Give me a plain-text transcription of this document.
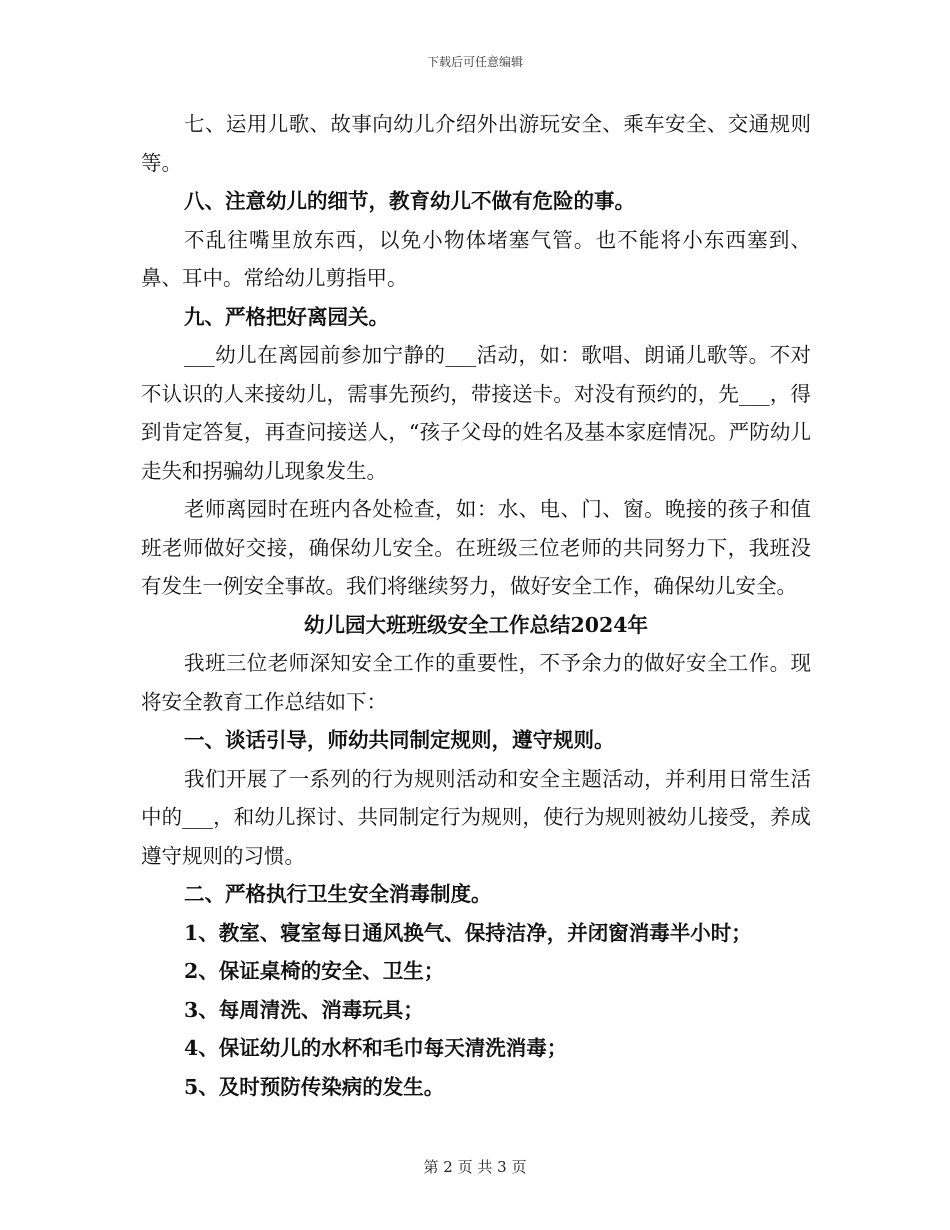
下载后可任意编辑

七、运用儿歌、故事向幼儿介绍外出游玩安全、乘车安全、交通规则等。

八、注意幼儿的细节，教育幼儿不做有危险的事。

不乱往嘴里放东西，以免小物体堵塞气管。也不能将小东西塞到、鼻、耳中。常给幼儿剪指甲。

九、严格把好离园关。

___幼儿在离园前参加宁静的___活动，如：歌唱、朗诵儿歌等。不对不认识的人来接幼儿，需事先预约，带接送卡。对没有预约的，先___，得到肯定答复，再查问接送人，“孩子父母的姓名及基本家庭情况。严防幼儿走失和拐骗幼儿现象发生。

老师离园时在班内各处检查，如：水、电、门、窗。晚接的孩子和值班老师做好交接，确保幼儿安全。在班级三位老师的共同努力下，我班没有发生一例安全事故。我们将继续努力，做好安全工作，确保幼儿安全。

幼儿园大班班级安全工作总结2024年

我班三位老师深知安全工作的重要性，不予余力的做好安全工作。现将安全教育工作总结如下：

一、谈话引导，师幼共同制定规则，遵守规则。

我们开展了一系列的行为规则活动和安全主题活动，并利用日常生活中的___，和幼儿探讨、共同制定行为规则，使行为规则被幼儿接受，养成遵守规则的习惯。

二、严格执行卫生安全消毒制度。

1、教室、寝室每日通风换气、保持洁净，并闭窗消毒半小时；

2、保证桌椅的安全、卫生；

3、每周清洗、消毒玩具；

4、保证幼儿的水杯和毛巾每天清洗消毒；

5、及时预防传染病的发生。

第 2 页 共 3 页
